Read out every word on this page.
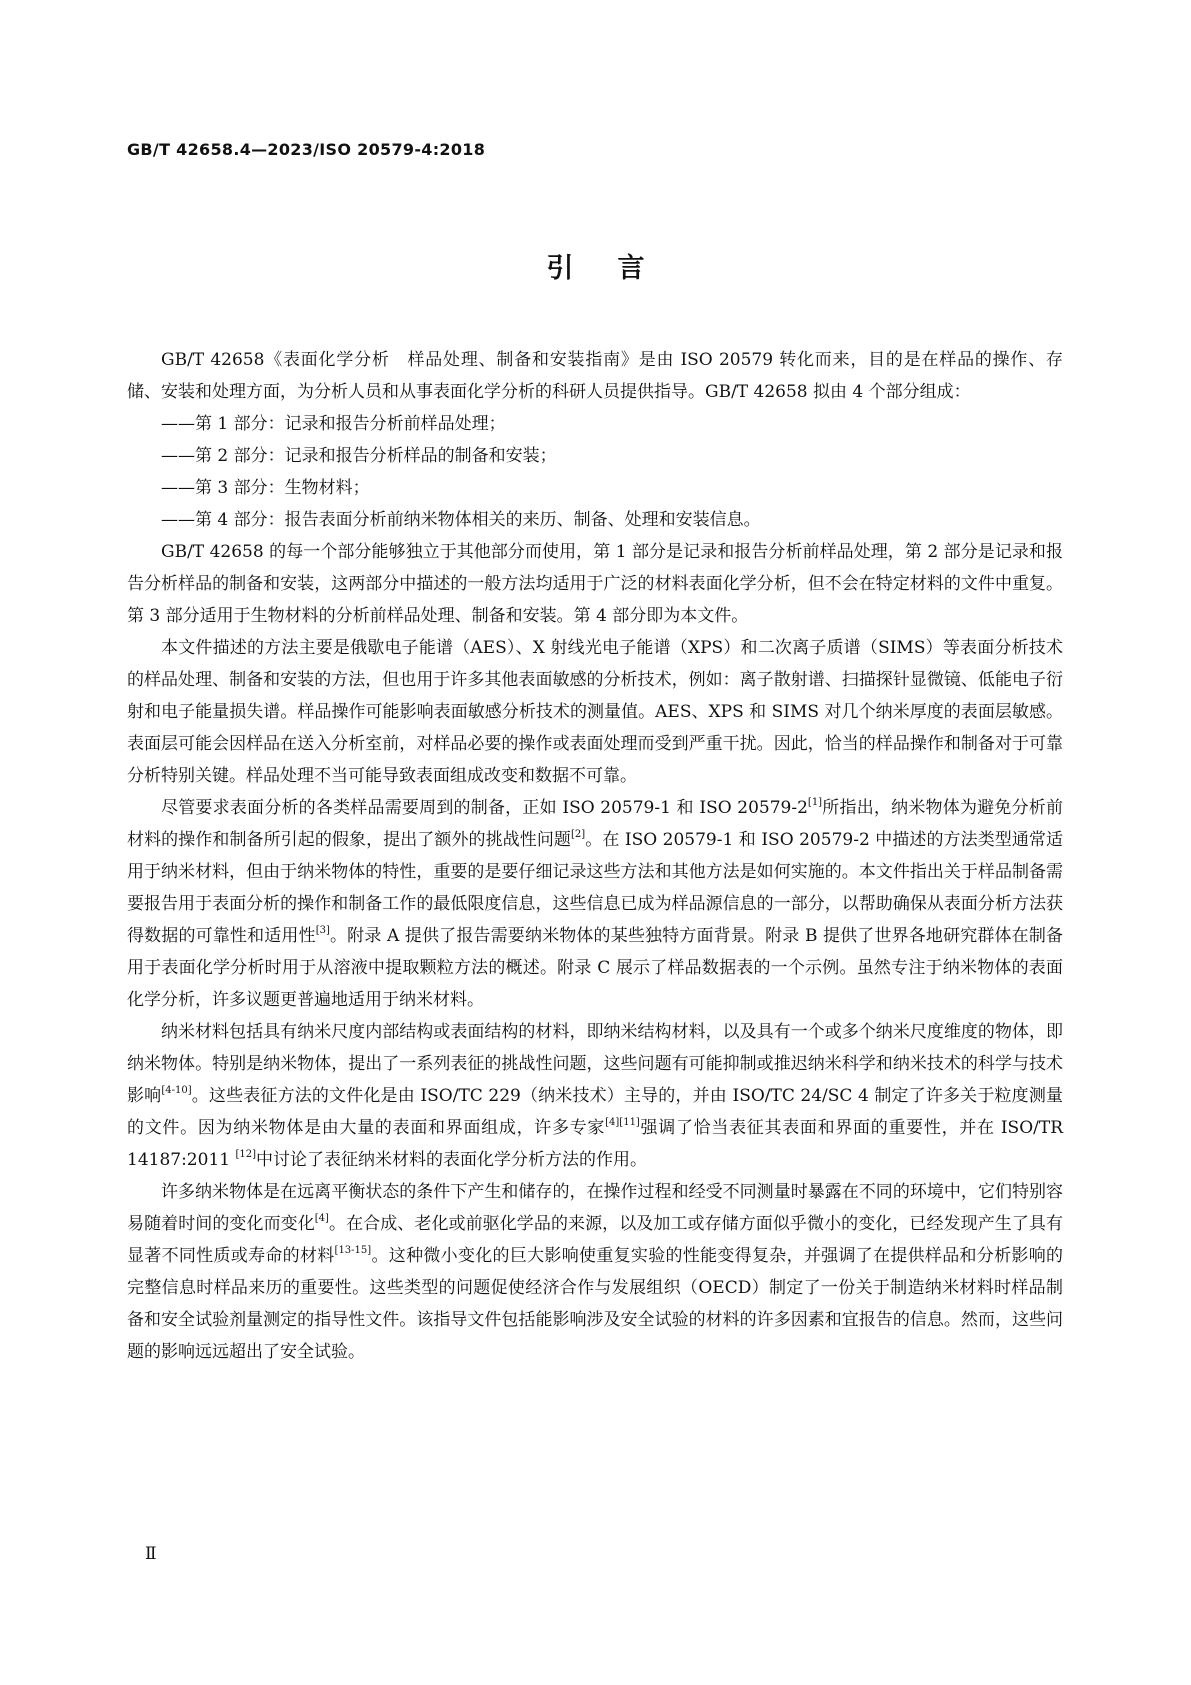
GB/T 42658.4—2023/ISO 20579-4:2018

引言

GB/T 42658《表面化学分析　样品处理、制备和安装指南》是由 ISO 20579 转化而来，目的是在样品的操作、存储、安装和处理方面，为分析人员和从事表面化学分析的科研人员提供指导。GB/T 42658 拟由 4 个部分组成：

——第 1 部分：记录和报告分析前样品处理；

——第 2 部分：记录和报告分析样品的制备和安装；

——第 3 部分：生物材料；

——第 4 部分：报告表面分析前纳米物体相关的来历、制备、处理和安装信息。

GB/T 42658 的每一个部分能够独立于其他部分而使用，第 1 部分是记录和报告分析前样品处理，第 2 部分是记录和报告分析样品的制备和安装，这两部分中描述的一般方法均适用于广泛的材料表面化学分析，但不会在特定材料的文件中重复。第 3 部分适用于生物材料的分析前样品处理、制备和安装。第 4 部分即为本文件。

本文件描述的方法主要是俄歇电子能谱（AES）、X 射线光电子能谱（XPS）和二次离子质谱（SIMS）等表面分析技术的样品处理、制备和安装的方法，但也用于许多其他表面敏感的分析技术，例如：离子散射谱、扫描探针显微镜、低能电子衍射和电子能量损失谱。样品操作可能影响表面敏感分析技术的测量值。AES、XPS 和 SIMS 对几个纳米厚度的表面层敏感。表面层可能会因样品在送入分析室前，对样品必要的操作或表面处理而受到严重干扰。因此，恰当的样品操作和制备对于可靠分析特别关键。样品处理不当可能导致表面组成改变和数据不可靠。

尽管要求表面分析的各类样品需要周到的制备，正如 ISO 20579-1 和 ISO 20579-2[1]所指出，纳米物体为避免分析前材料的操作和制备所引起的假象，提出了额外的挑战性问题[2]。在 ISO 20579-1 和 ISO 20579-2 中描述的方法类型通常适用于纳米材料，但由于纳米物体的特性，重要的是要仔细记录这些方法和其他方法是如何实施的。本文件指出关于样品制备需要报告用于表面分析的操作和制备工作的最低限度信息，这些信息已成为样品源信息的一部分，以帮助确保从表面分析方法获得数据的可靠性和适用性[3]。附录 A 提供了报告需要纳米物体的某些独特方面背景。附录 B 提供了世界各地研究群体在制备用于表面化学分析时用于从溶液中提取颗粒方法的概述。附录 C 展示了样品数据表的一个示例。虽然专注于纳米物体的表面化学分析，许多议题更普遍地适用于纳米材料。

纳米材料包括具有纳米尺度内部结构或表面结构的材料，即纳米结构材料，以及具有一个或多个纳米尺度维度的物体，即纳米物体。特别是纳米物体，提出了一系列表征的挑战性问题，这些问题有可能抑制或推迟纳米科学和纳米技术的科学与技术影响[4-10]。这些表征方法的文件化是由 ISO/TC 229（纳米技术）主导的，并由 ISO/TC 24/SC 4 制定了许多关于粒度测量的文件。因为纳米物体是由大量的表面和界面组成，许多专家[4][11]强调了恰当表征其表面和界面的重要性，并在 ISO/TR 14187:2011 [12]中讨论了表征纳米材料的表面化学分析方法的作用。

许多纳米物体是在远离平衡状态的条件下产生和储存的，在操作过程和经受不同测量时暴露在不同的环境中，它们特别容易随着时间的变化而变化[4]。在合成、老化或前驱化学品的来源，以及加工或存储方面似乎微小的变化，已经发现产生了具有显著不同性质或寿命的材料[13-15]。这种微小变化的巨大影响使重复实验的性能变得复杂，并强调了在提供样品和分析影响的完整信息时样品来历的重要性。这些类型的问题促使经济合作与发展组织（OECD）制定了一份关于制造纳米材料时样品制备和安全试验剂量测定的指导性文件。该指导文件包括能影响涉及安全试验的材料的许多因素和宜报告的信息。然而，这些问题的影响远远超出了安全试验。

Ⅱ
